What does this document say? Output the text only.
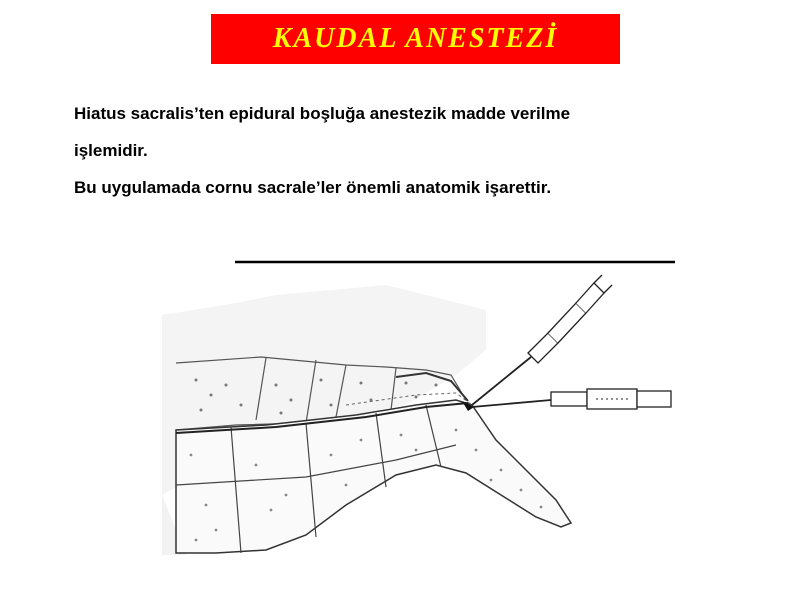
KAUDAL ANESTEZİ
Hiatus sacralis’ten epidural boşluğa anestezik madde verilme
işlemidir.
Bu uygulamada cornu sacrale’ler önemli anatomik işarettir.
